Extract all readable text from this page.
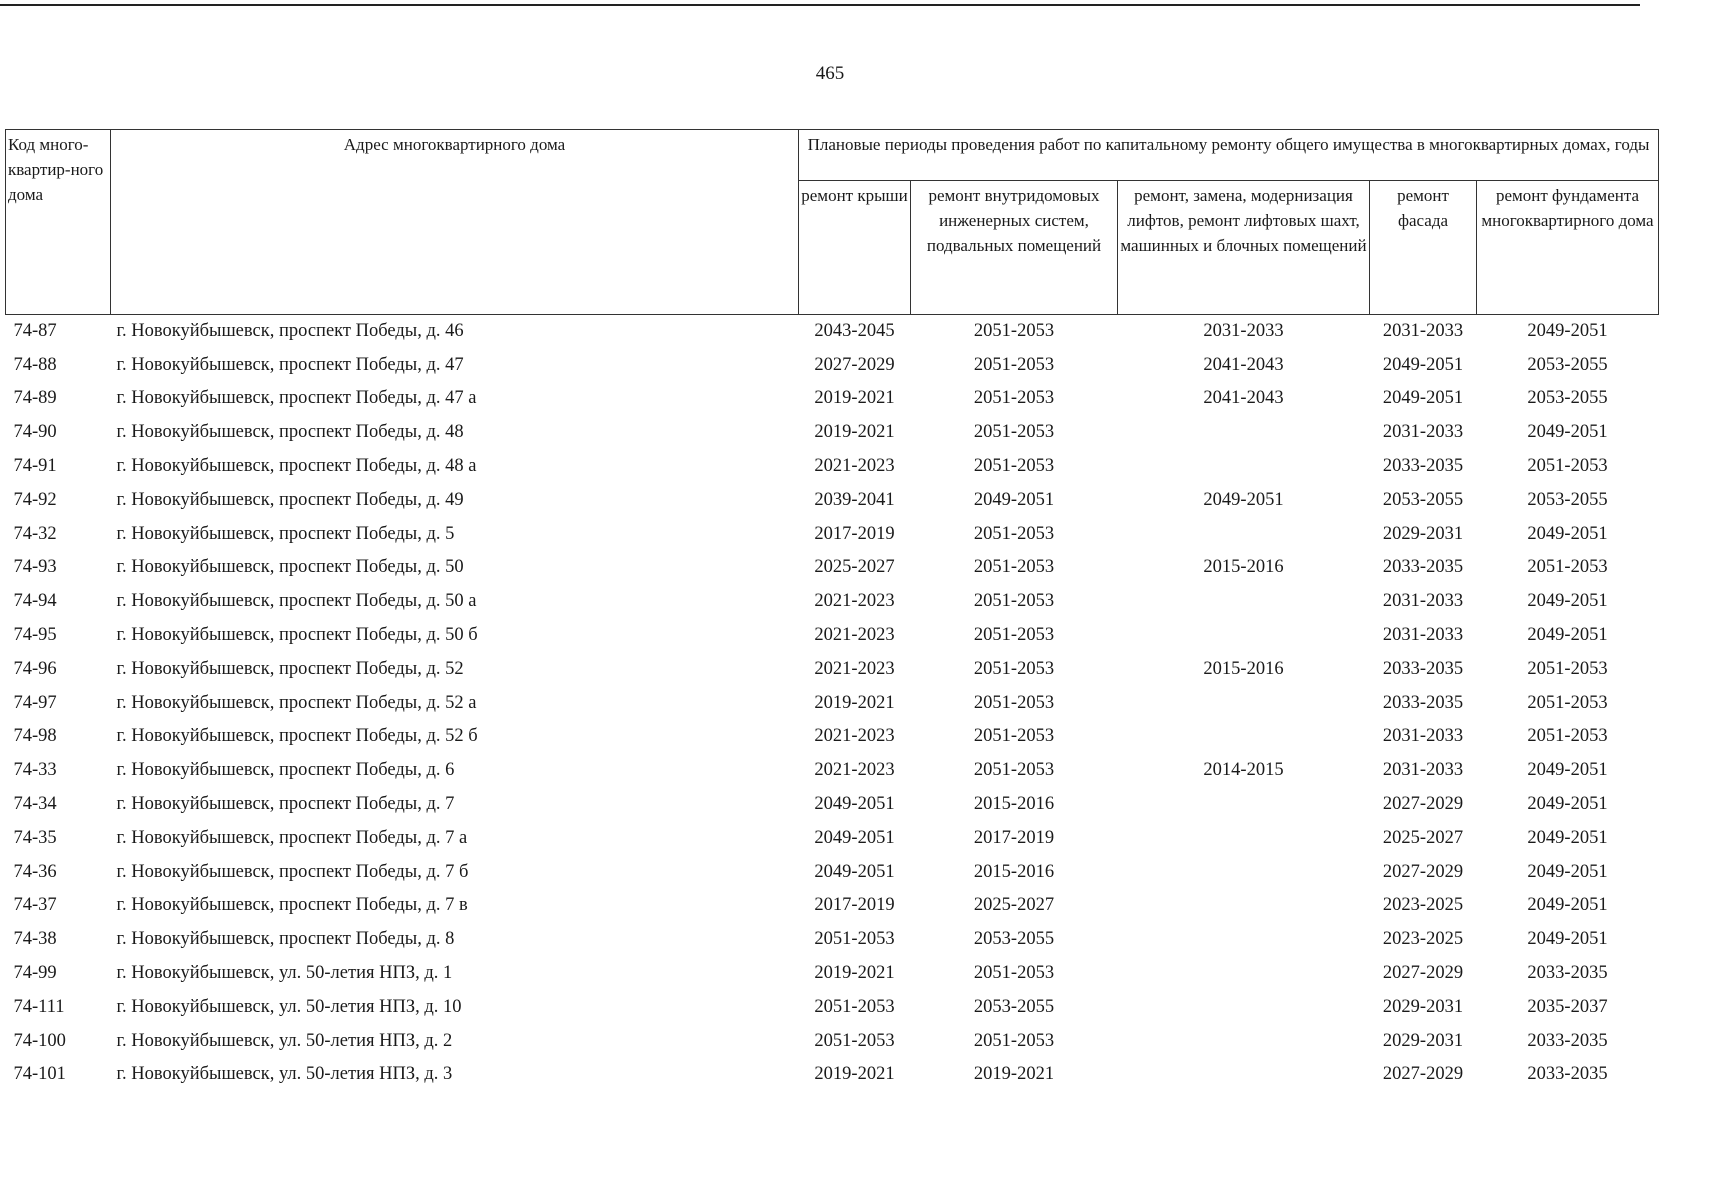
465
Код много-квартир-ного дома	Адрес многоквартирного дома	Плановые периоды проведения работ по капитальному ремонту общего имущества в многоквартирных домах, годы				
		ремонт крыши	ремонт внутридомовых инженерных систем, подвальных помещений	ремонт, замена, модернизация лифтов, ремонт лифтовых шахт, машинных и блочных помещений	ремонт фасада	ремонт фундамента многоквартирного дома
74-87	г. Новокуйбышевск, проспект Победы, д. 46	2043-2045	2051-2053	2031-2033	2031-2033	2049-2051
74-88	г. Новокуйбышевск, проспект Победы, д. 47	2027-2029	2051-2053	2041-2043	2049-2051	2053-2055
74-89	г. Новокуйбышевск, проспект Победы, д. 47 а	2019-2021	2051-2053	2041-2043	2049-2051	2053-2055
74-90	г. Новокуйбышевск, проспект Победы, д. 48	2019-2021	2051-2053		2031-2033	2049-2051
74-91	г. Новокуйбышевск, проспект Победы, д. 48 а	2021-2023	2051-2053		2033-2035	2051-2053
74-92	г. Новокуйбышевск, проспект Победы, д. 49	2039-2041	2049-2051	2049-2051	2053-2055	2053-2055
74-32	г. Новокуйбышевск, проспект Победы, д. 5	2017-2019	2051-2053		2029-2031	2049-2051
74-93	г. Новокуйбышевск, проспект Победы, д. 50	2025-2027	2051-2053	2015-2016	2033-2035	2051-2053
74-94	г. Новокуйбышевск, проспект Победы, д. 50 а	2021-2023	2051-2053		2031-2033	2049-2051
74-95	г. Новокуйбышевск, проспект Победы, д. 50 б	2021-2023	2051-2053		2031-2033	2049-2051
74-96	г. Новокуйбышевск, проспект Победы, д. 52	2021-2023	2051-2053	2015-2016	2033-2035	2051-2053
74-97	г. Новокуйбышевск, проспект Победы, д. 52 а	2019-2021	2051-2053		2033-2035	2051-2053
74-98	г. Новокуйбышевск, проспект Победы, д. 52 б	2021-2023	2051-2053		2031-2033	2051-2053
74-33	г. Новокуйбышевск, проспект Победы, д. 6	2021-2023	2051-2053	2014-2015	2031-2033	2049-2051
74-34	г. Новокуйбышевск, проспект Победы, д. 7	2049-2051	2015-2016		2027-2029	2049-2051
74-35	г. Новокуйбышевск, проспект Победы, д. 7 а	2049-2051	2017-2019		2025-2027	2049-2051
74-36	г. Новокуйбышевск, проспект Победы, д. 7 б	2049-2051	2015-2016		2027-2029	2049-2051
74-37	г. Новокуйбышевск, проспект Победы, д. 7 в	2017-2019	2025-2027		2023-2025	2049-2051
74-38	г. Новокуйбышевск, проспект Победы, д. 8	2051-2053	2053-2055		2023-2025	2049-2051
74-99	г. Новокуйбышевск, ул. 50-летия НПЗ, д. 1	2019-2021	2051-2053		2027-2029	2033-2035
74-111	г. Новокуйбышевск, ул. 50-летия НПЗ, д. 10	2051-2053	2053-2055		2029-2031	2035-2037
74-100	г. Новокуйбышевск, ул. 50-летия НПЗ, д. 2	2051-2053	2051-2053		2029-2031	2033-2035
74-101	г. Новокуйбышевск, ул. 50-летия НПЗ, д. 3	2019-2021	2019-2021		2027-2029	2033-2035
